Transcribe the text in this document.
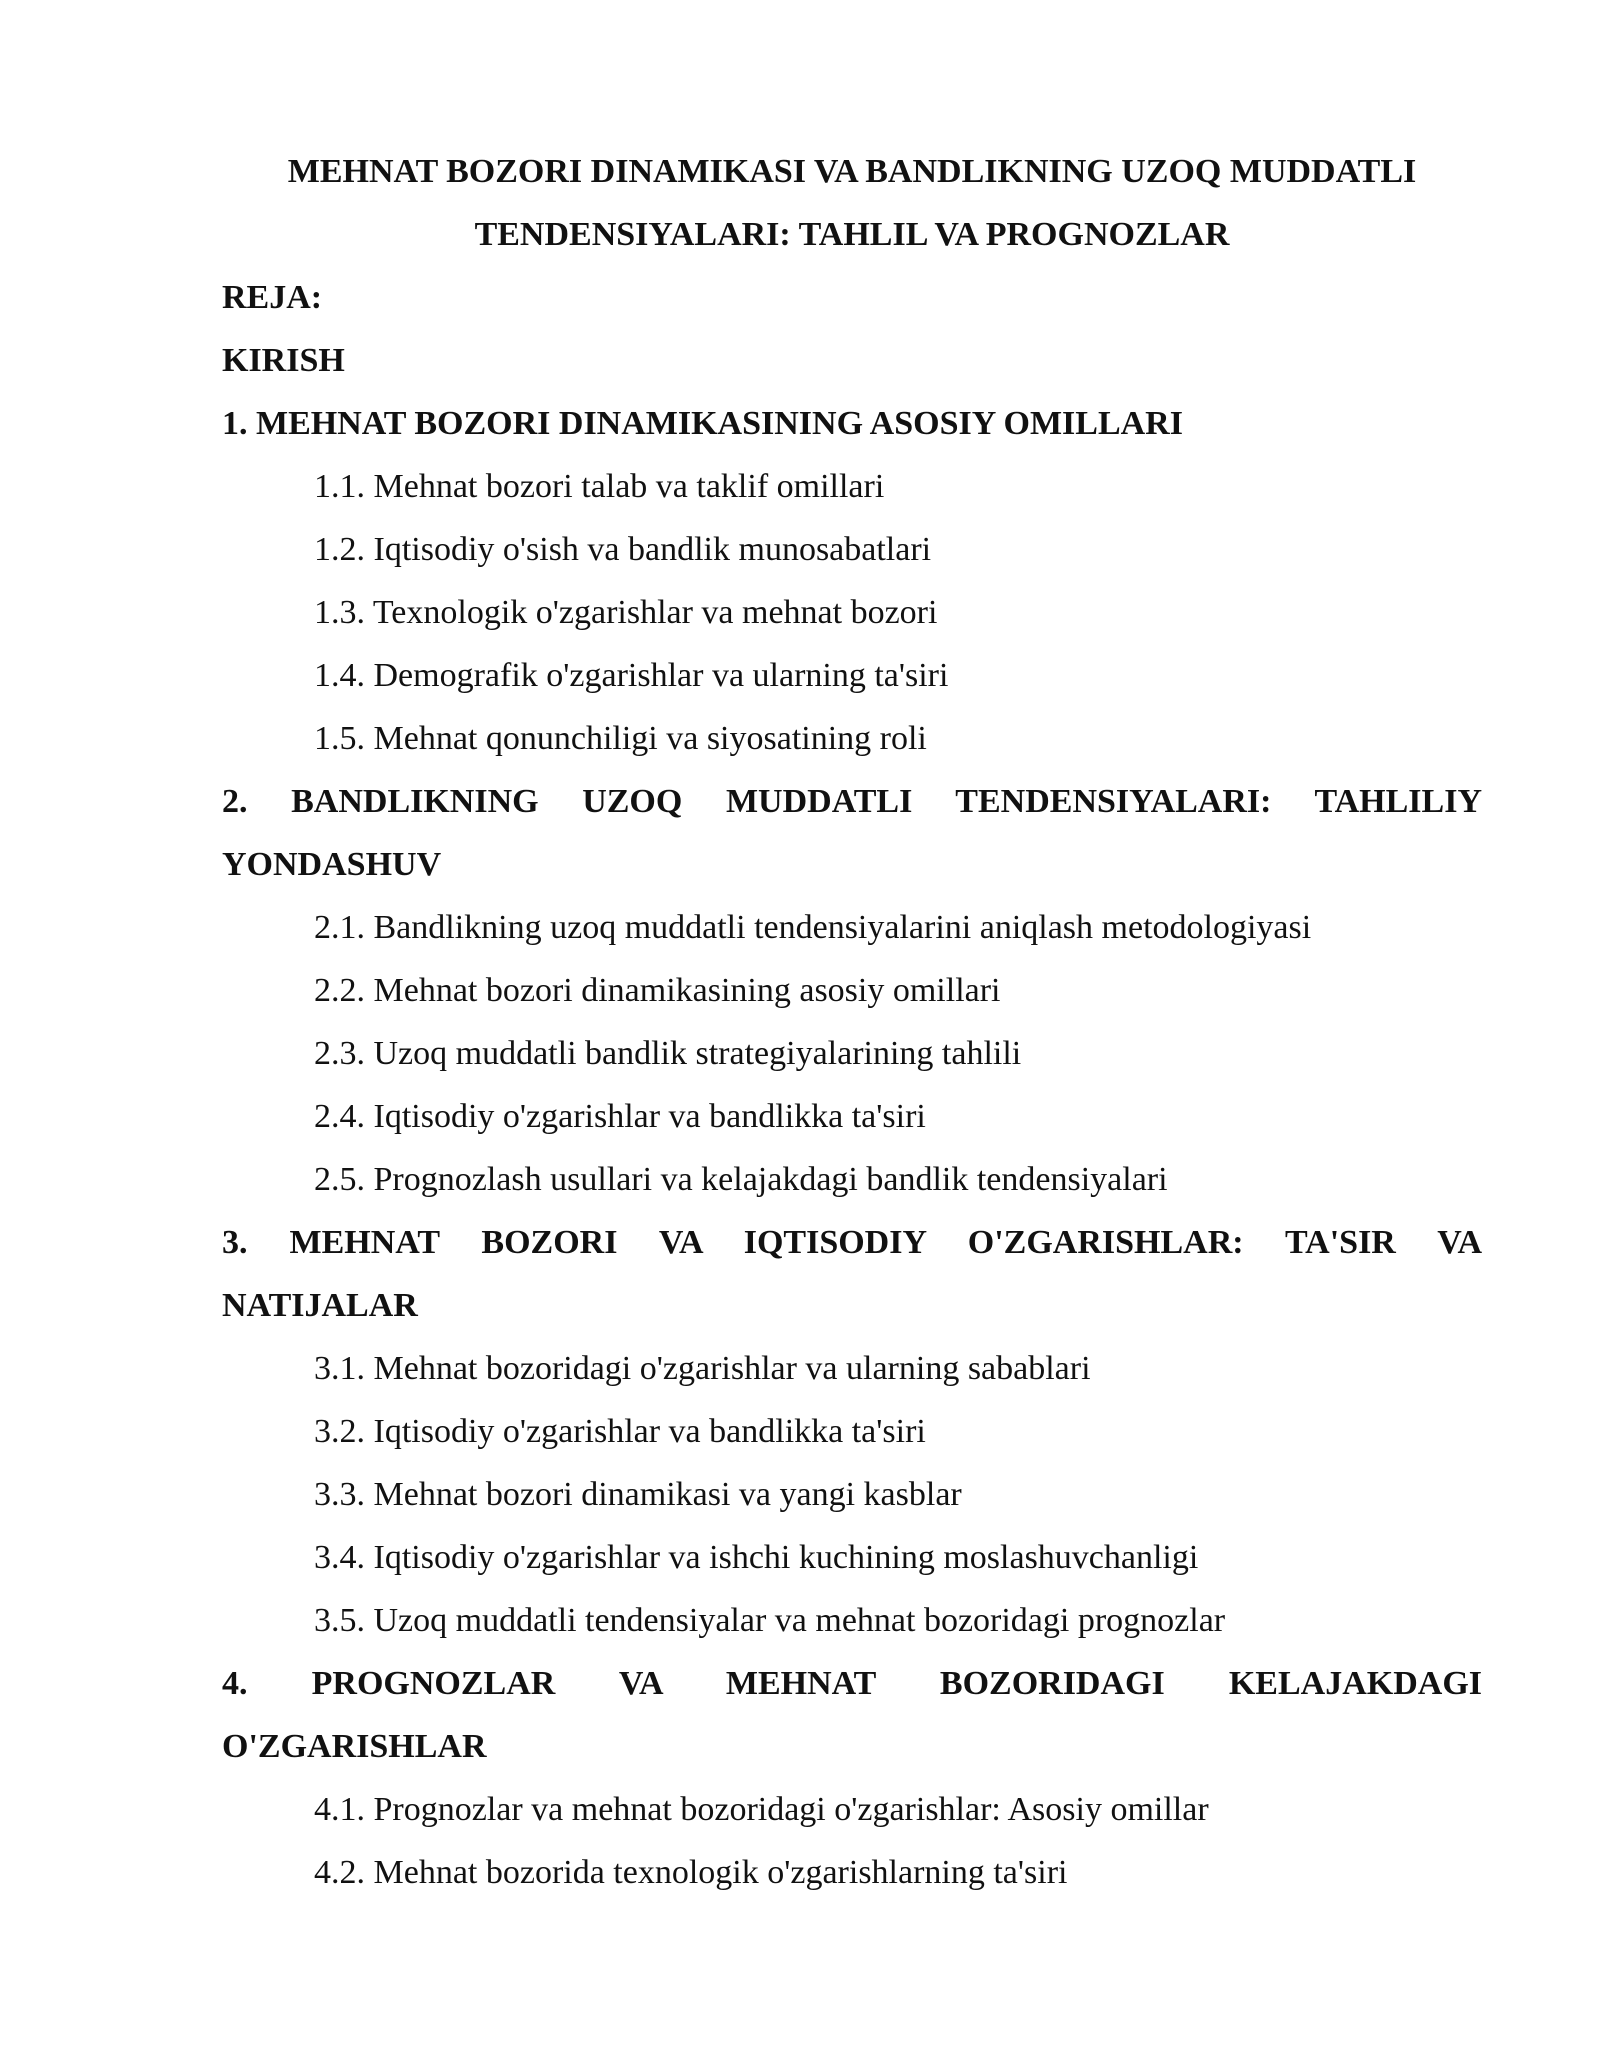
MEHNAT BOZORI DINAMIKASI VA BANDLIKNING UZOQ MUDDATLI

TENDENSIYALARI: TAHLIL VA PROGNOZLAR

REJA:

KIRISH

1. MEHNAT BOZORI DINAMIKASINING ASOSIY OMILLARI

1.1. Mehnat bozori talab va taklif omillari

1.2. Iqtisodiy o'sish va bandlik munosabatlari

1.3. Texnologik o'zgarishlar va mehnat bozori

1.4. Demografik o'zgarishlar va ularning ta'siri

1.5. Mehnat qonunchiligi va siyosatining roli

2. BANDLIKNING UZOQ MUDDATLI TENDENSIYALARI: TAHLILIY

YONDASHUV

2.1. Bandlikning uzoq muddatli tendensiyalarini aniqlash metodologiyasi

2.2. Mehnat bozori dinamikasining asosiy omillari

2.3. Uzoq muddatli bandlik strategiyalarining tahlili

2.4. Iqtisodiy o'zgarishlar va bandlikka ta'siri

2.5. Prognozlash usullari va kelajakdagi bandlik tendensiyalari

3. MEHNAT BOZORI VA IQTISODIY O'ZGARISHLAR: TA'SIR VA

NATIJALAR

3.1. Mehnat bozoridagi o'zgarishlar va ularning sabablari

3.2. Iqtisodiy o'zgarishlar va bandlikka ta'siri

3.3. Mehnat bozori dinamikasi va yangi kasblar

3.4. Iqtisodiy o'zgarishlar va ishchi kuchining moslashuvchanligi

3.5. Uzoq muddatli tendensiyalar va mehnat bozoridagi prognozlar

4. PROGNOZLAR VA MEHNAT BOZORIDAGI KELAJAKDAGI

O'ZGARISHLAR

4.1. Prognozlar va mehnat bozoridagi o'zgarishlar: Asosiy omillar

4.2. Mehnat bozorida texnologik o'zgarishlarning ta'siri
